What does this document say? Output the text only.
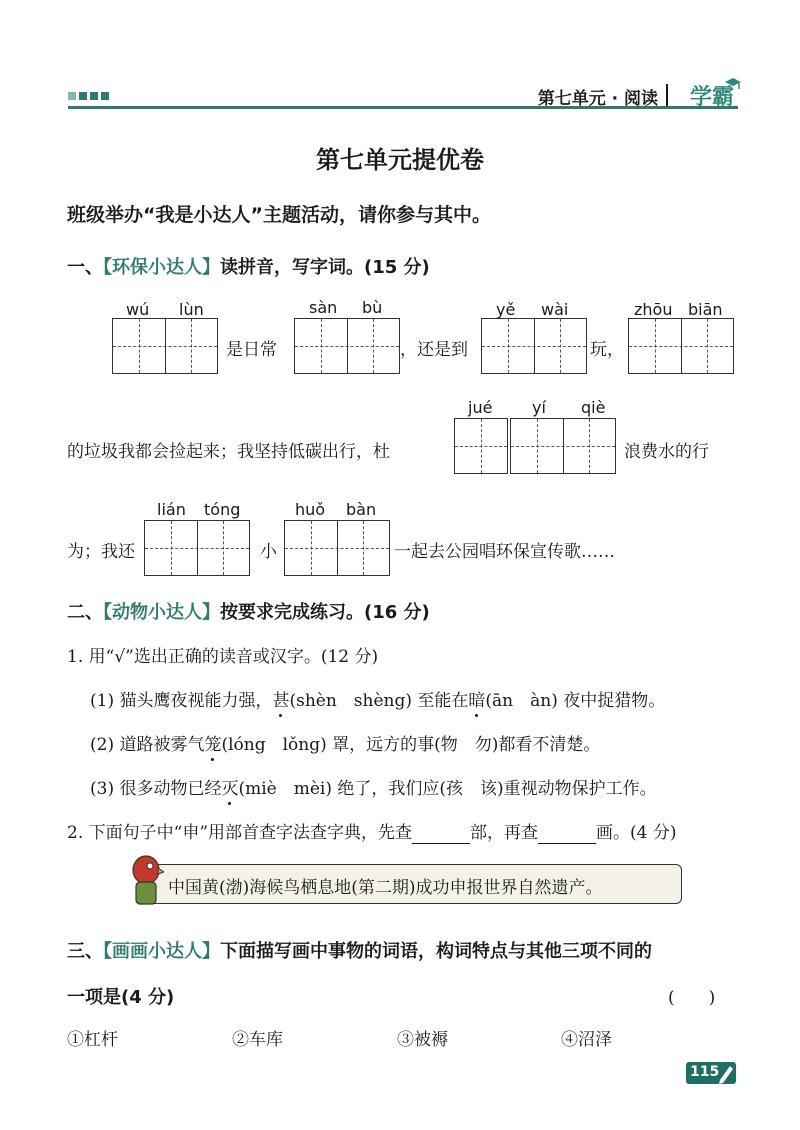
第七单元 · 阅读 学霸
第七单元提优卷
班级举办“我是小达人”主题活动，请你参与其中。
一、【环保小达人】读拼音，写字词。(15 分)
wú lùn	sàn bù	yě wài	zhōu biān
是日常	，还是到	玩，
jué yí qiè
的垃圾我都会捡起来；我坚持低碳出行，杜	浪费水的行
lián tóng	huǒ bàn
为；我还	小	一起去公园唱环保宣传歌……
二、【动物小达人】按要求完成练习。(16 分)
1. 用“√”选出正确的读音或汉字。(12 分)
(1) 猫头鹰夜视能力强，甚(shèn　shèng) 至能在暗(ān　àn) 夜中捉猎物。
(2) 道路被雾气笼(lóng　lǒng) 罩，远方的事(物　勿)都看不清楚。
(3) 很多动物已经灭(miè　mèi) 绝了，我们应(孩　该)重视动物保护工作。
2. 下面句子中“申”用部首查字法查字典，先查	部，再查	画。(4 分)
中国黄(渤)海候鸟栖息地(第二期)成功申报世界自然遗产。
三、【画画小达人】下面描写画中事物的词语，构词特点与其他三项不同的
一项是(4 分)	(　　)
①杠杆	②车库	③被褥	④沼泽
115
